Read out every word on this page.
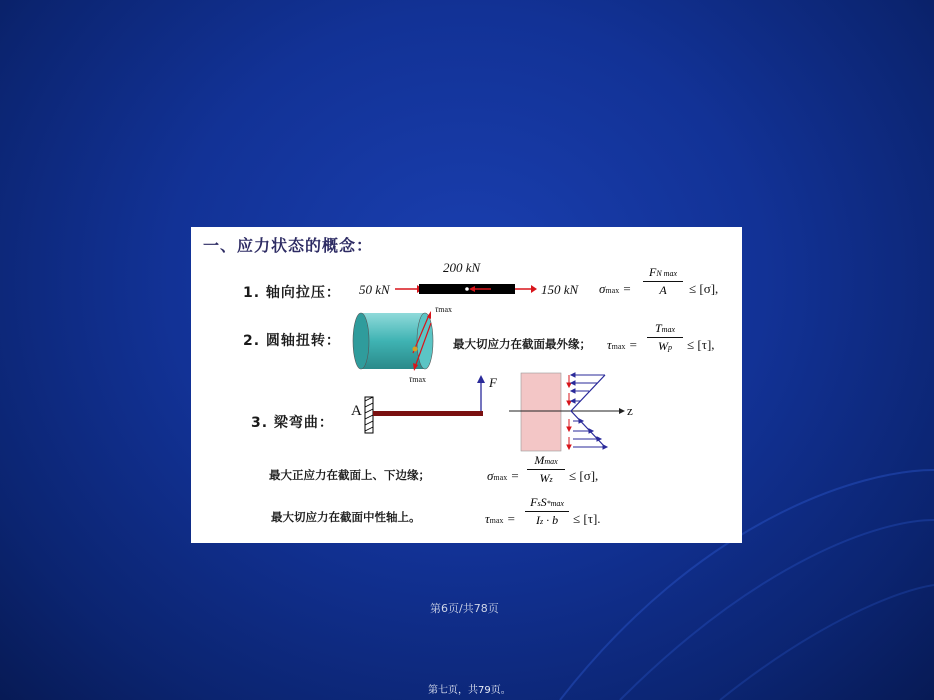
一、应力状态的概念：
1. 轴向拉压：
2. 圆轴扭转：
3. 梁弯曲：
50 kN
200 kN
150 kN σmax =
FN max
A	≤ [σ],
τmax
τmax
最大切应力在截面最外缘； τmax =
Tmax
Wp	≤ [τ],
A
F
z
最大正应力在截面上、下边缘；
最大切应力在截面中性轴上。
σmax =
Mmax
Wz	≤ [σ],
τmax =
FsS*max
Iz · b	≤ [τ].
第6页/共78页
第七页，共79页。
